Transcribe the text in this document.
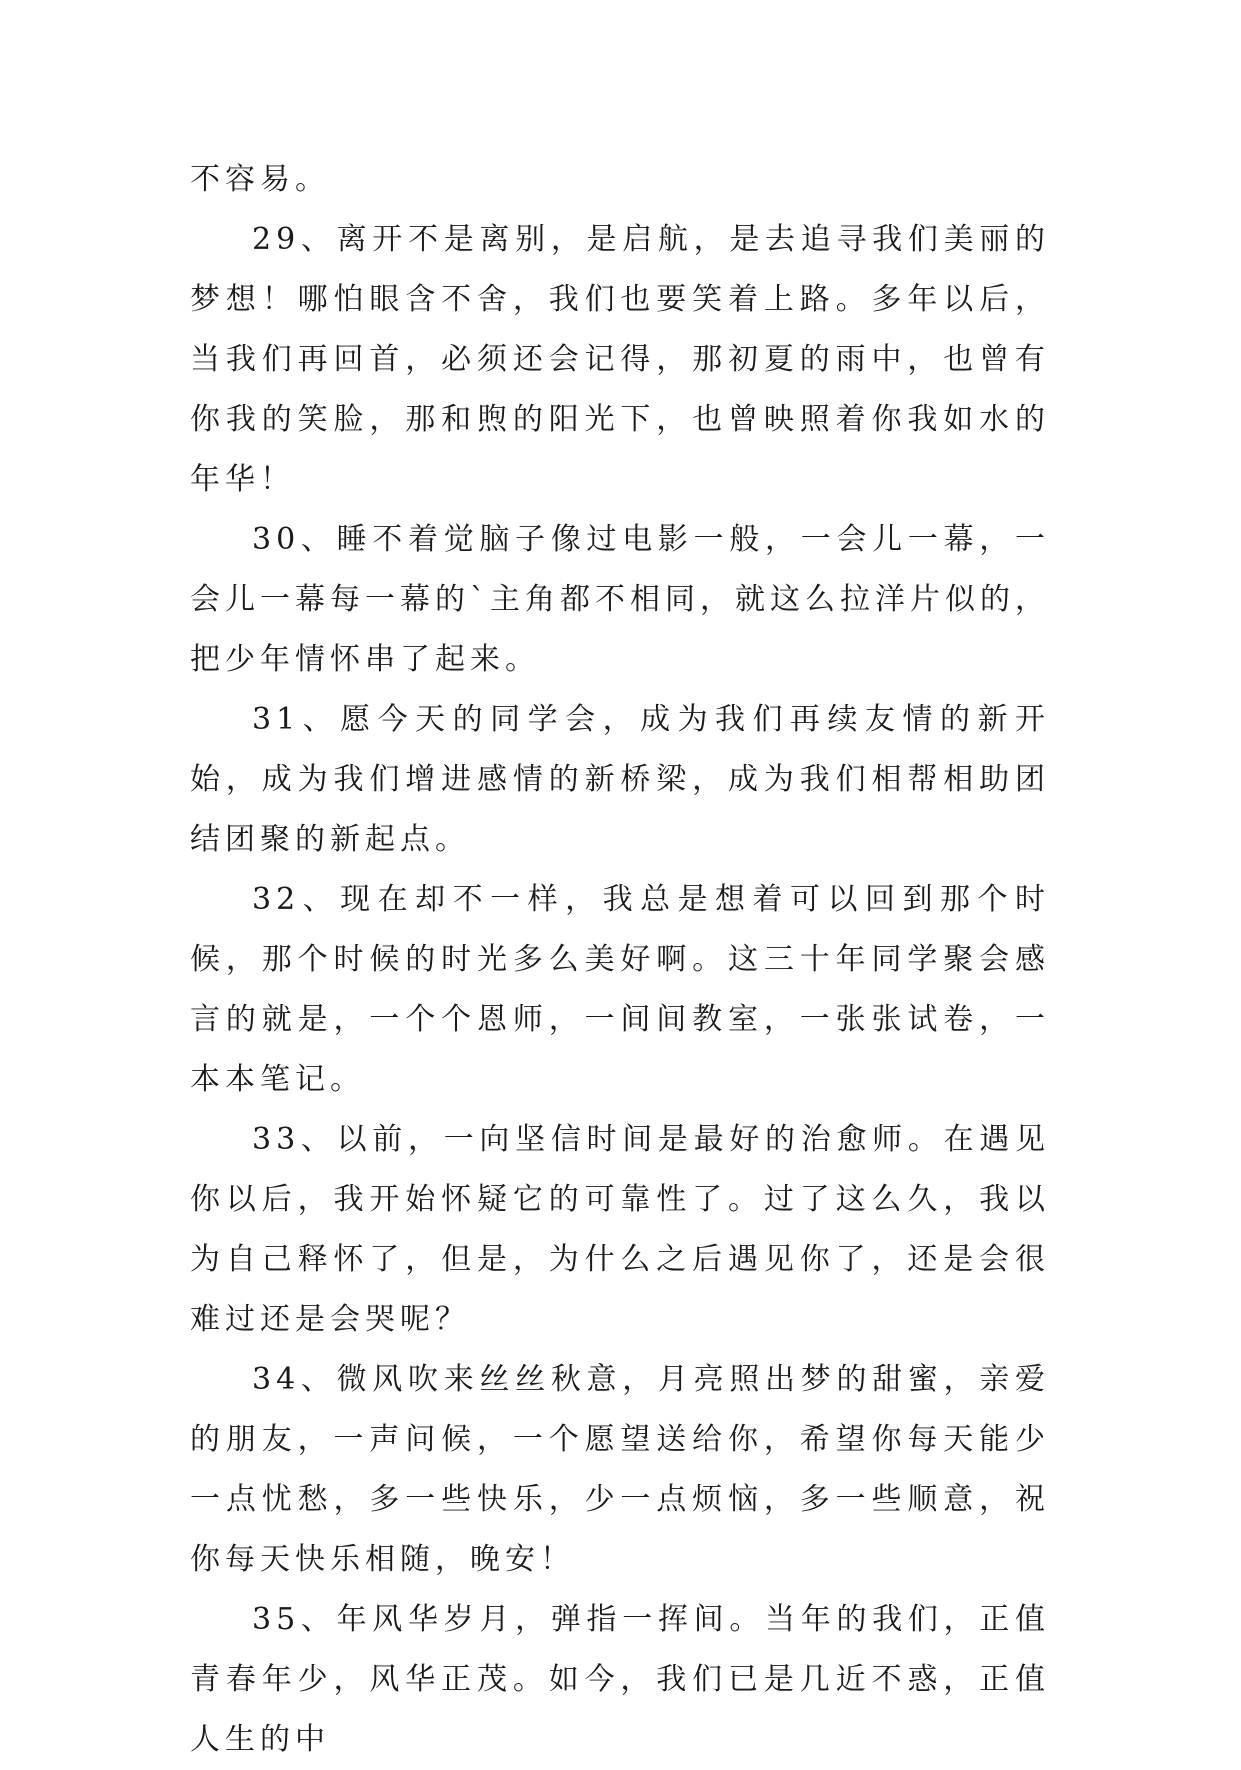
不容易。

29、离开不是离别，是启航，是去追寻我们美丽的梦想！哪怕眼含不舍，我们也要笑着上路。多年以后，当我们再回首，必须还会记得，那初夏的雨中，也曾有你我的笑脸，那和煦的阳光下，也曾映照着你我如水的年华！

30、睡不着觉脑子像过电影一般，一会儿一幕，一会儿一幕每一幕的`主角都不相同，就这么拉洋片似的，把少年情怀串了起来。

31、愿今天的同学会，成为我们再续友情的新开始，成为我们增进感情的新桥梁，成为我们相帮相助团结团聚的新起点。

32、现在却不一样，我总是想着可以回到那个时候，那个时候的时光多么美好啊。这三十年同学聚会感言的就是，一个个恩师，一间间教室，一张张试卷，一本本笔记。

33、以前，一向坚信时间是最好的治愈师。在遇见你以后，我开始怀疑它的可靠性了。过了这么久，我以为自己释怀了，但是，为什么之后遇见你了，还是会很难过还是会哭呢？

34、微风吹来丝丝秋意，月亮照出梦的甜蜜，亲爱的朋友，一声问候，一个愿望送给你，希望你每天能少一点忧愁，多一些快乐，少一点烦恼，多一些顺意，祝你每天快乐相随，晚安！

35、年风华岁月，弹指一挥间。当年的我们，正值青春年少，风华正茂。如今，我们已是几近不惑，正值人生的中
